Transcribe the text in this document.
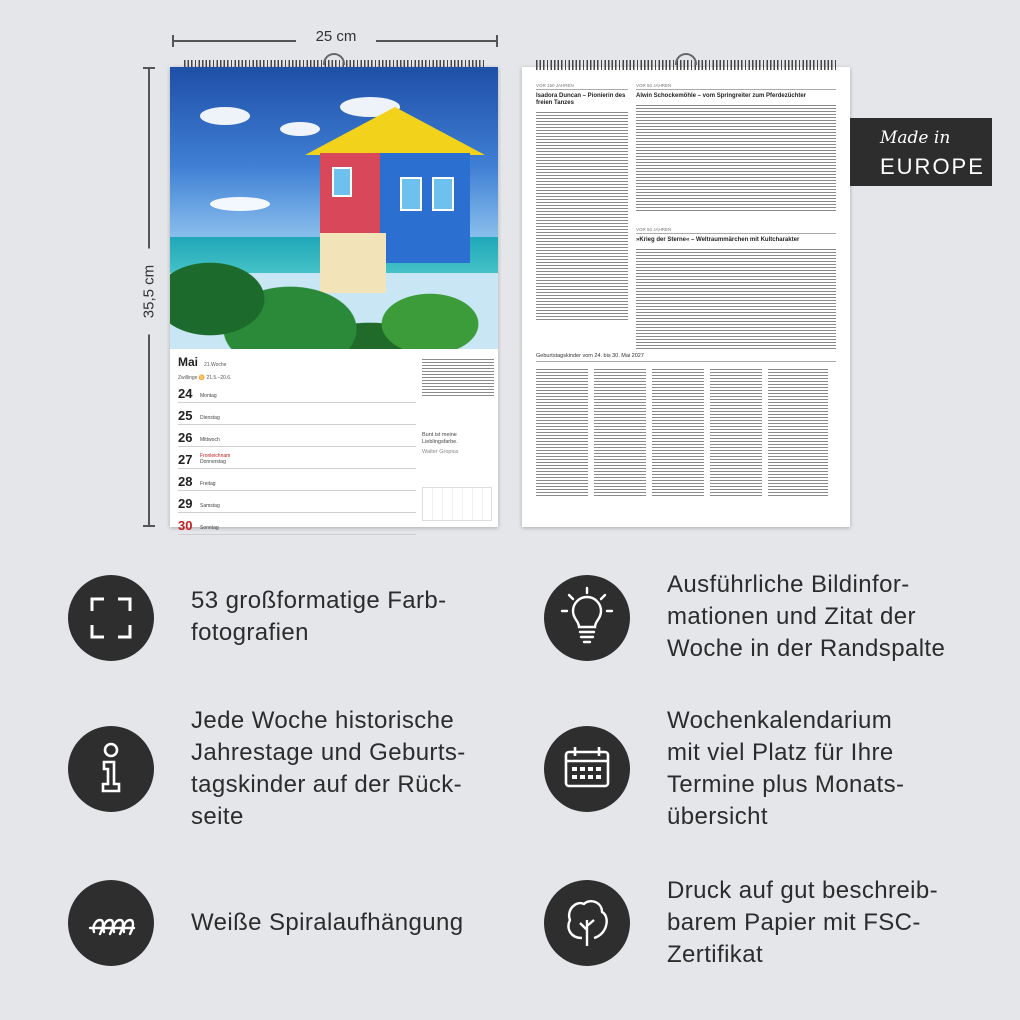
25 cm
35,5 cm
Mai 21.Woche
Zwillinge ♊ 21.5.–20.6.
24 Montag
25 Dienstag
26 Mittwoch
27 Fronleichnam
Donnerstag
28 Freitag
29 Samstag
30 Sonntag
Bunt ist meine Lieblingsfarbe.
Walter Gropius
VOR 150 JAHREN
Isadora Duncan – Pionierin des freien Tanzes
VOR 50 JAHREN
Alwin Schockemöhle – vom Springreiter zum Pferdezüchter
VOR 50 JAHREN
»Krieg der Sterne« – Weltraummärchen mit Kultcharakter
Geburtstagskinder vom 24. bis 30. Mai 2027
Made in
EUROPE
53 großformatige Farb-
fotografien
Ausführliche Bildinfor-
mationen und Zitat der
Woche in der Randspalte
Jede Woche historische
Jahrestage und Geburts-
tagskinder auf der Rück-
seite
Wochenkalendarium
mit viel Platz für Ihre
Termine plus Monats-
übersicht
Weiße Spiralaufhängung
Druck auf gut beschreib-
barem Papier mit FSC-
Zertifikat
